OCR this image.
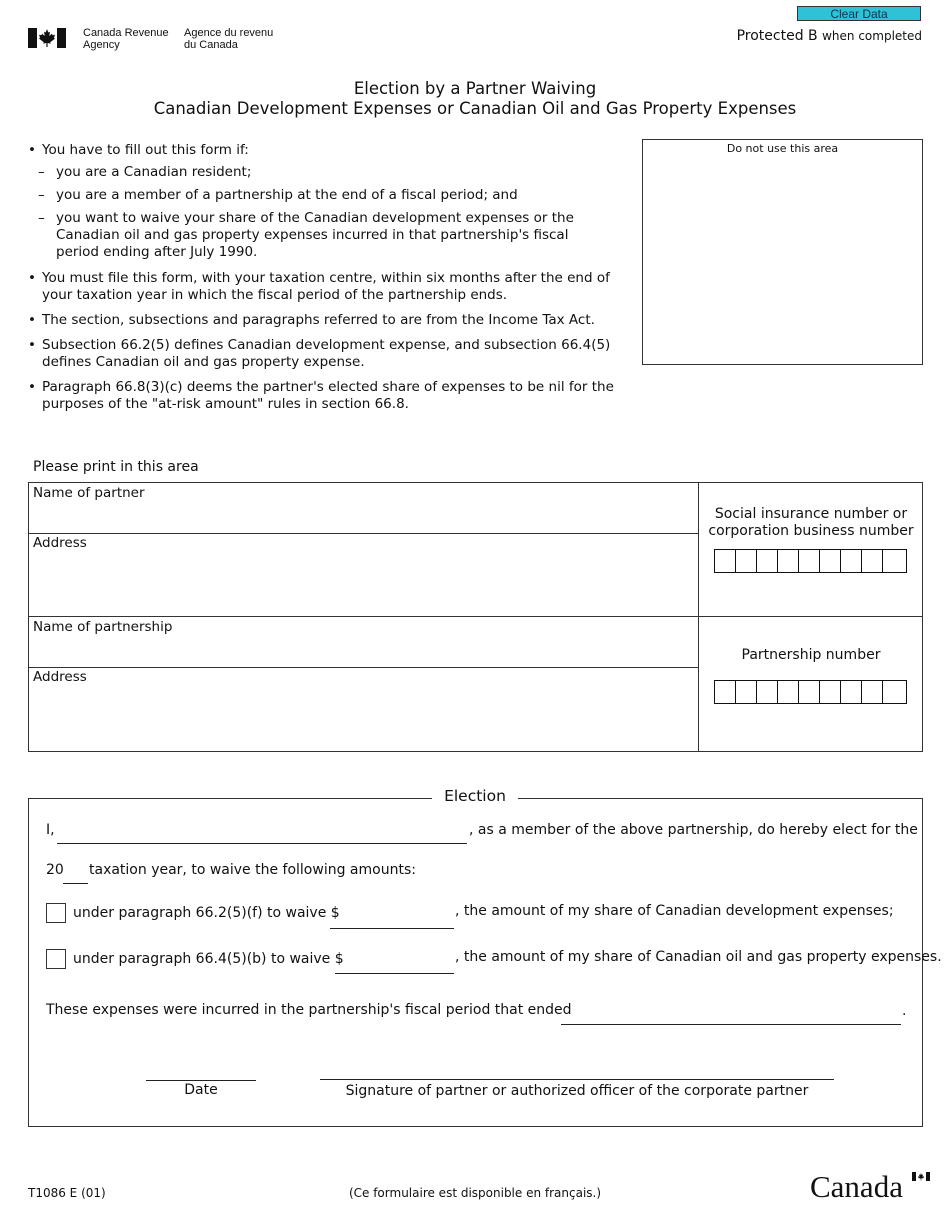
Canada Revenue
Agency
Agence du revenu
du Canada
Clear Data
Protected B when completed
Election by a Partner Waiving
Canadian Development Expenses or Canadian Oil and Gas Property Expenses
• You have to fill out this form if:
– you are a Canadian resident;
– you are a member of a partnership at the end of a fiscal period; and
– you want to waive your share of the Canadian development expenses or the Canadian oil and gas property expenses incurred in that partnership's fiscal period ending after July 1990.
• You must file this form, with your taxation centre, within six months after the end of your taxation year in which the fiscal period of the partnership ends.
• The section, subsections and paragraphs referred to are from the Income Tax Act.
• Subsection 66.2(5) defines Canadian development expense, and subsection 66.4(5) defines Canadian oil and gas property expense.
• Paragraph 66.8(3)(c) deems the partner's elected share of expenses to be nil for the purposes of the "at-risk amount" rules in section 66.8.
Do not use this area
Please print in this area
Name of partner
Address
Name of partnership
Address
Social insurance number or
corporation business number
Partnership number
Election
I,	, as a member of the above partnership, do hereby elect for the
20 taxation year, to waive the following amounts:
under paragraph 66.2(5)(f) to waive $	, the amount of my share of Canadian development expenses;
under paragraph 66.4(5)(b) to waive $	, the amount of my share of Canadian oil and gas property expenses.
These expenses were incurred in the partnership's fiscal period that ended	.
Date	Signature of partner or authorized officer of the corporate partner
T1086 E (01)	(Ce formulaire est disponible en français.)	Canada
